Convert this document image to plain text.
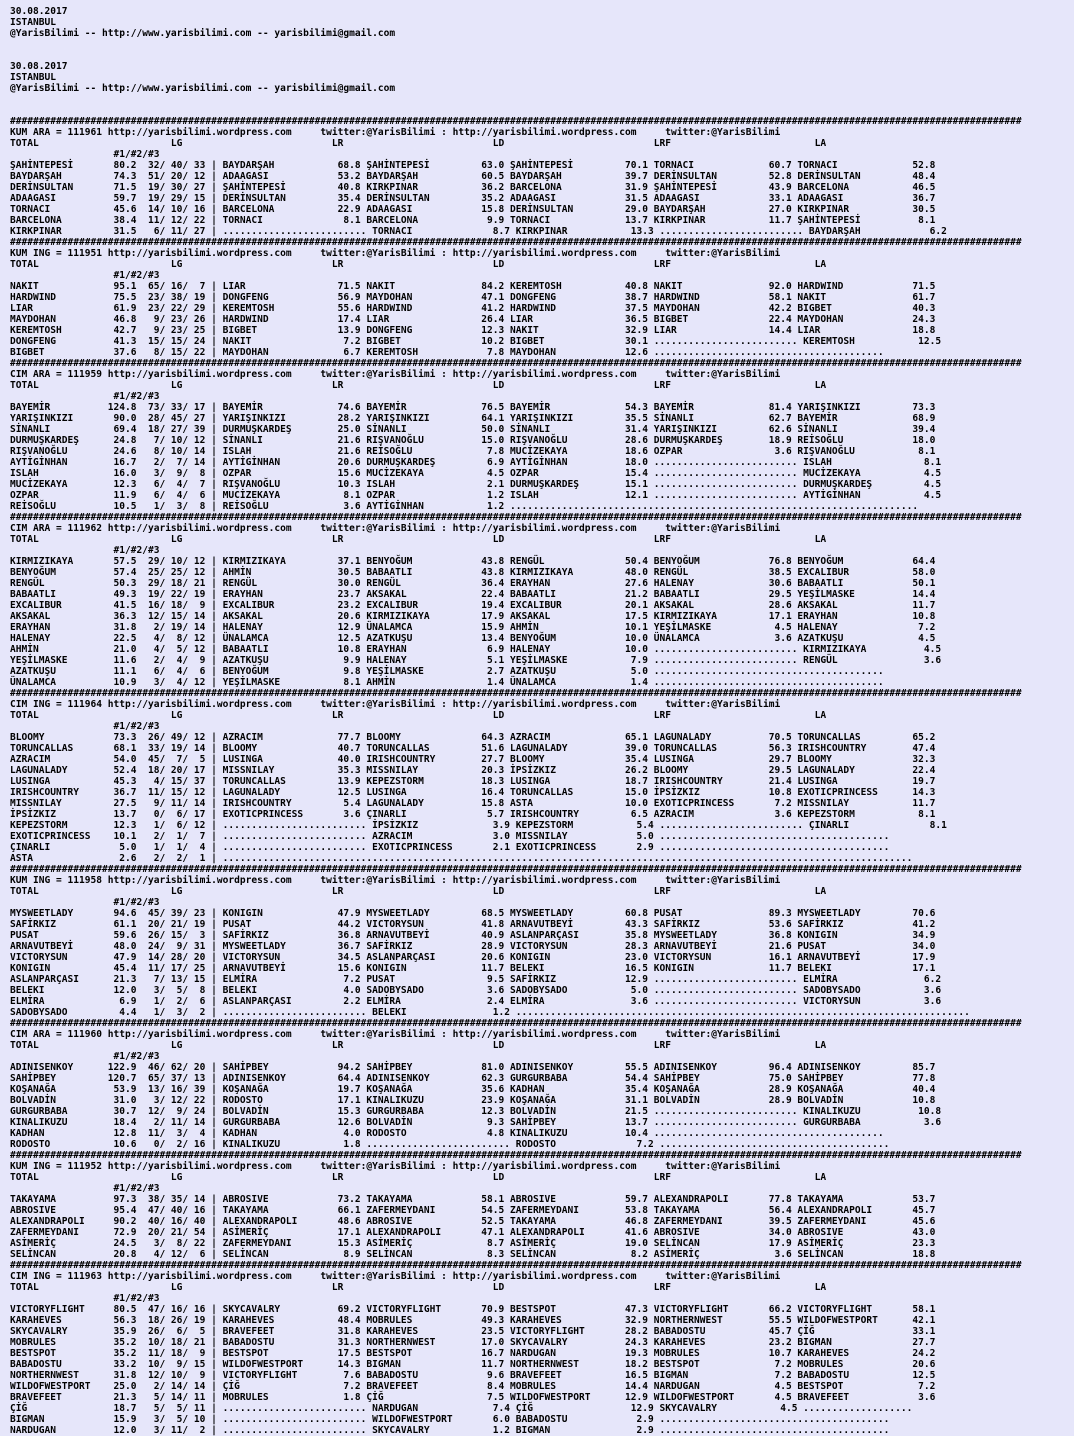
30.08.2017
ISTANBUL
@YarisBilimi -- http://www.yarisbilimi.com -- yarisbilimi@gmail.com

30.08.2017
ISTANBUL
@YarisBilimi -- http://www.yarisbilimi.com -- yarisbilimi@gmail.com

################################################################################################################################################################################
KUM ARA = 111961 http://yarisbilimi.wordpress.com     twitter:@YarisBilimi : http://yarisbilimi.wordpress.com     twitter:@YarisBilimi
TOTAL                       LG                          LR                          LD                          LRF                         LA
#1/#2/#3
ŞAHİNTEPESİ       80.2  32/ 40/ 33 | BAYDARŞAH           68.8 ŞAHİNTEPESİ         63.0 ŞAHİNTEPESİ         70.1 TORNACI             60.7 TORNACI             52.8
BAYDARŞAH         74.3  51/ 20/ 12 | ADAAGASI            53.2 BAYDARŞAH           60.5 BAYDARŞAH           39.7 DERİNSULTAN         52.8 DERİNSULTAN         48.4
DERİNSULTAN       71.5  19/ 30/ 27 | ŞAHİNTEPESİ         40.8 KIRKPINAR           36.2 BARCELONA           31.9 ŞAHİNTEPESİ         43.9 BARCELONA           46.5
ADAAGASI          59.7  19/ 29/ 15 | DERİNSULTAN         35.4 DERİNSULTAN         35.2 ADAAGASI            31.5 ADAAGASI            33.1 ADAAGASI            36.7
TORNACI           45.6  14/ 10/ 16 | BARCELONA           22.9 ADAAGASI            15.8 DERİNSULTAN         29.0 BAYDARŞAH           27.0 KIRKPINAR           30.5
BARCELONA         38.4  11/ 12/ 22 | TORNACI              8.1 BARCELONA            9.9 TORNACI             13.7 KIRKPINAR           11.7 ŞAHİNTEPESİ          8.1
KIRKPINAR         31.5   6/ 11/ 27 | ......................... TORNACI              8.7 KIRKPINAR           13.3 ......................... BAYDARŞAH            6.2
################################################################################################################################################################################
KUM ING = 111951 http://yarisbilimi.wordpress.com     twitter:@YarisBilimi : http://yarisbilimi.wordpress.com     twitter:@YarisBilimi
TOTAL                       LG                          LR                          LD                          LRF                         LA
#1/#2/#3
NAKIT             95.1  65/ 16/  7 | LIAR                71.5 NAKIT               84.2 KEREMTOSH           40.8 NAKIT               92.0 HARDWIND            71.5
HARDWIND          75.5  23/ 38/ 19 | DONGFENG            56.9 MAYDOHAN            47.1 DONGFENG            38.7 HARDWIND            58.1 NAKIT               61.7
LIAR              61.9  23/ 22/ 29 | KEREMTOSH           55.6 HARDWIND            41.2 HARDWIND            37.5 MAYDOHAN            42.2 BIGBET              40.3
MAYDOHAN          46.8   9/ 23/ 26 | HARDWIND            17.4 LIAR                26.4 LIAR                36.5 BIGBET              22.4 MAYDOHAN            24.3
KEREMTOSH         42.7   9/ 23/ 25 | BIGBET              13.9 DONGFENG            12.3 NAKIT               32.9 LIAR                14.4 LIAR                18.8
DONGFENG          41.3  15/ 15/ 24 | NAKIT                7.2 BIGBET              10.2 BIGBET              30.1 ......................... KEREMTOSH           12.5
BIGBET            37.6   8/ 15/ 22 | MAYDOHAN             6.7 KEREMTOSH            7.8 MAYDOHAN            12.6 ........................................
################################################################################################################################################################################
CIM ARA = 111959 http://yarisbilimi.wordpress.com     twitter:@YarisBilimi : http://yarisbilimi.wordpress.com     twitter:@YarisBilimi
TOTAL                       LG                          LR                          LD                          LRF                         LA
#1/#2/#3
BAYEMİR          124.8  73/ 33/ 17 | BAYEMİR             74.6 BAYEMİR             76.5 BAYEMİR             54.3 BAYEMİR             81.4 YARIŞINKIZI         73.3
YARIŞINKIZI       90.0  28/ 45/ 27 | YARIŞINKIZI         28.2 YARIŞINKIZI         64.1 YARIŞINKIZI         35.5 SİNANLI             62.7 BAYEMİR             68.9
SİNANLI           69.4  18/ 27/ 39 | DURMUŞKARDEŞ        25.0 SİNANLI             50.0 SİNANLI             31.4 YARIŞINKIZI         62.6 SİNANLI             39.4
DURMUŞKARDEŞ      24.8   7/ 10/ 12 | SİNANLI             21.6 RIŞVANOĞLU          15.0 RIŞVANOĞLU          28.6 DURMUŞKARDEŞ        18.9 REİSOĞLU            18.0
RIŞVANOĞLU        24.6   8/ 10/ 14 | ISLAH               21.6 REİSOĞLU             7.8 MUCİZEKAYA          18.6 OZPAR                3.6 RIŞVANOĞLU           8.1
AYTİGİNHAN        16.7   2/  7/ 14 | AYTİGİNHAN          20.6 DURMUŞKARDEŞ         6.9 AYTİGİNHAN          18.0 ......................... ISLAH                8.1
ISLAH             16.0   3/  9/  8 | OZPAR               15.6 MUCİZEKAYA           4.5 OZPAR               15.4 ......................... MUCİZEKAYA           4.5
MUCİZEKAYA        12.3   6/  4/  7 | RIŞVANOĞLU          10.3 ISLAH                2.1 DURMUŞKARDEŞ        15.1 ......................... DURMUŞKARDEŞ         4.5
OZPAR             11.9   6/  4/  6 | MUCİZEKAYA           8.1 OZPAR                1.2 ISLAH               12.1 ......................... AYTİGİNHAN           4.5
REİSOĞLU          10.5   1/  3/  8 | REİSOĞLU             3.6 AYTİGİNHAN           1.2 .......................................................................
################################################################################################################################################################################
CIM ARA = 111962 http://yarisbilimi.wordpress.com     twitter:@YarisBilimi : http://yarisbilimi.wordpress.com     twitter:@YarisBilimi
TOTAL                       LG                          LR                          LD                          LRF                         LA
#1/#2/#3
KIRMIZIKAYA       57.5  29/ 10/ 12 | KIRMIZIKAYA         37.1 BENYOĞUM            43.8 RENGÜL              50.4 BENYOĞUM            76.8 BENYOĞUM            64.4
BENYOĞUM          57.4  25/ 25/ 12 | AHMİN               30.5 BABAATLI            43.8 KIRMIZIKAYA         48.0 RENGÜL              38.5 EXCALIBUR           58.0
RENGÜL            50.3  29/ 18/ 21 | RENGÜL              30.0 RENGÜL              36.4 ERAYHAN             27.6 HALENAY             30.6 BABAATLI            50.1
BABAATLI          49.3  19/ 22/ 19 | ERAYHAN             23.7 AKSAKAL             22.4 BABAATLI            21.2 BABAATLI            29.5 YEŞİLMASKE          14.4
EXCALIBUR         41.5  16/ 18/  9 | EXCALIBUR           23.2 EXCALIBUR           19.4 EXCALIBUR           20.1 AKSAKAL             28.6 AKSAKAL             11.7
AKSAKAL           36.3  12/ 15/ 14 | AKSAKAL             20.6 KIRMIZIKAYA         17.9 AKSAKAL             17.5 KIRMIZIKAYA         17.1 ERAYHAN             10.8
ERAYHAN           31.8   2/ 19/ 14 | HALENAY             12.9 ÜNALAMCA            15.9 AHMİN               10.1 YEŞİLMASKE           4.5 HALENAY              7.2
HALENAY           22.5   4/  8/ 12 | ÜNALAMCA            12.5 AZATKUŞU            13.4 BENYOĞUM            10.0 ÜNALAMCA             3.6 AZATKUŞU             4.5
AHMİN             21.0   4/  5/ 12 | BABAATLI            10.8 ERAYHAN              6.9 HALENAY             10.0 ......................... KIRMIZIKAYA          4.5
YEŞİLMASKE        11.6   2/  4/  9 | AZATKUŞU             9.9 HALENAY              5.1 YEŞİLMASKE           7.9 ......................... RENGÜL               3.6
AZATKUŞU          11.1   6/  4/  6 | BENYOĞUM             9.8 YEŞİLMASKE           2.7 AZATKUŞU             5.0 ........................................
ÜNALAMCA          10.9   3/  4/ 12 | YEŞİLMASKE           8.1 AHMİN                1.4 ÜNALAMCA             1.4 ........................................
################################################################################################################################################################################
CIM ING = 111964 http://yarisbilimi.wordpress.com     twitter:@YarisBilimi : http://yarisbilimi.wordpress.com     twitter:@YarisBilimi
TOTAL                       LG                          LR                          LD                          LRF                         LA
#1/#2/#3
BLOOMY            73.3  26/ 49/ 12 | AZRACIM             77.7 BLOOMY              64.3 AZRACIM             65.1 LAGUNALADY          70.5 TORUNCALLAS         65.2
TORUNCALLAS       68.1  33/ 19/ 14 | BLOOMY              40.7 TORUNCALLAS         51.6 LAGUNALADY          39.0 TORUNCALLAS         56.3 IRISHCOUNTRY        47.4
AZRACIM           54.0  45/  7/  5 | LUSINGA             40.0 IRISHCOUNTRY        27.7 BLOOMY              35.4 LUSINGA             29.7 BLOOMY              32.3
LAGUNALADY        52.4  18/ 20/ 17 | MISSNILAY           35.3 MISSNILAY           20.3 İPSİZKIZ            26.2 BLOOMY              29.5 LAGUNALADY          22.4
LUSINGA           45.3   4/ 15/ 37 | TORUNCALLAS         13.9 KEPEZSTORM          18.3 LUSINGA             18.7 IRISHCOUNTRY        21.4 LUSINGA             19.7
IRISHCOUNTRY      36.7  11/ 15/ 12 | LAGUNALADY          12.5 LUSINGA             16.4 TORUNCALLAS         15.0 İPSİZKIZ            10.8 EXOTICPRINCESS      14.3
MISSNILAY         27.5   9/ 11/ 14 | IRISHCOUNTRY         5.4 LAGUNALADY          15.8 ASTA                10.0 EXOTICPRINCESS       7.2 MISSNILAY           11.7
İPSİZKIZ          13.7   0/  6/ 17 | EXOTICPRINCESS       3.6 ÇINARLI              5.7 IRISHCOUNTRY         6.5 AZRACIM              3.6 KEPEZSTORM           8.1
KEPEZSTORM        12.3   1/  6/ 12 | ......................... İPSİZKIZ             3.9 KEPEZSTORM           5.4 ......................... ÇINARLI              8.1
EXOTICPRINCESS    10.1   2/  1/  7 | ......................... AZRACIM              3.0 MISSNILAY            5.0 ........................................
ÇINARLI            5.0   1/  1/  4 | ......................... EXOTICPRINCESS       2.1 EXOTICPRINCESS       2.9 ........................................
ASTA               2.6   2/  2/  1 | ........................................................................................................................
################################################################################################################################################################################
KUM ING = 111958 http://yarisbilimi.wordpress.com     twitter:@YarisBilimi : http://yarisbilimi.wordpress.com     twitter:@YarisBilimi
TOTAL                       LG                          LR                          LD                          LRF                         LA
#1/#2/#3
MYSWEETLADY       94.6  45/ 39/ 23 | KONIGIN             47.9 MYSWEETLADY         68.5 MYSWEETLADY         60.8 PUSAT               89.3 MYSWEETLADY         70.6
SAFİRKIZ          61.1  20/ 21/ 19 | PUSAT               44.2 VICTORYSUN          41.8 ARNAVUTBEYİ         43.3 SAFİRKIZ            53.6 SAFİRKIZ            41.2
PUSAT             59.6  26/ 15/  3 | SAFİRKIZ            36.8 ARNAVUTBEYİ         40.9 ASLANPARÇASI        35.8 MYSWEETLADY         36.8 KONIGIN             34.9
ARNAVUTBEYİ       48.0  24/  9/ 31 | MYSWEETLADY         36.7 SAFİRKIZ            28.9 VICTORYSUN          28.3 ARNAVUTBEYİ         21.6 PUSAT               34.0
VICTORYSUN        47.9  14/ 28/ 20 | VICTORYSUN          34.5 ASLANPARÇASI        20.6 KONIGIN             23.0 VICTORYSUN          16.1 ARNAVUTBEYİ         17.9
KONIGIN           45.4  11/ 17/ 25 | ARNAVUTBEYİ         15.6 KONIGIN             11.7 BELEKI              16.5 KONIGIN             11.7 BELEKI              17.1
ASLANPARÇASI      21.3   7/ 13/ 15 | ELMİRA               7.2 PUSAT                9.5 SAFİRKIZ            12.9 ......................... ELMİRA               6.2
BELEKI            12.0   3/  5/  8 | BELEKI               4.0 SADOBYSADO           3.6 SADOBYSADO           5.0 ......................... SADOBYSADO           3.6
ELMİRA             6.9   1/  2/  6 | ASLANPARÇASI         2.2 ELMİRA               2.4 ELMİRA               3.6 ......................... VICTORYSUN           3.6
SADOBYSADO         4.4   1/  3/  2 | ......................... BELEKI               1.2 ...............................................................................
################################################################################################################################################################################
CIM ARA = 111960 http://yarisbilimi.wordpress.com     twitter:@YarisBilimi : http://yarisbilimi.wordpress.com     twitter:@YarisBilimi
TOTAL                       LG                          LR                          LD                          LRF                         LA
#1/#2/#3
ADINISENKOY      122.9  46/ 62/ 20 | SAHİPBEY            94.2 SAHİPBEY            81.0 ADINISENKOY         55.5 ADINISENKOY         96.4 ADINISENKOY         85.7
SAHİPBEY         120.7  65/ 37/ 13 | ADINISENKOY         64.4 ADINISENKOY         62.3 GURGURBABA          54.4 SAHİPBEY            75.0 SAHİPBEY            77.8
KOŞANAĞA          53.9  13/ 16/ 39 | KOŞANAĞA            19.7 KOŞANAĞA            35.6 KADHAN              35.4 KOŞANAĞA            28.9 KOŞANAĞA            40.4
BOLVADİN          31.0   3/ 12/ 22 | RODOSTO             17.1 KINALIKUZU          23.9 KOŞANAĞA            31.1 BOLVADİN            28.9 BOLVADİN            10.8
GURGURBABA        30.7  12/  9/ 24 | BOLVADİN            15.3 GURGURBABA          12.3 BOLVADİN            21.5 ......................... KINALIKUZU          10.8
KINALIKUZU        18.4   2/ 11/ 14 | GURGURBABA          12.6 BOLVADİN             9.3 SAHİPBEY            13.7 ......................... GURGURBABA           3.6
KADHAN            12.8  11/  3/  4 | KADHAN               4.0 RODOSTO              4.8 KINALIKUZU          10.4 ........................................
RODOSTO           10.6   0/  2/ 16 | KINALIKUZU           1.8 ......................... RODOSTO              7.2 ........................................
################################################################################################################################################################################
KUM ING = 111952 http://yarisbilimi.wordpress.com     twitter:@YarisBilimi : http://yarisbilimi.wordpress.com     twitter:@YarisBilimi
TOTAL                       LG                          LR                          LD                          LRF                         LA
#1/#2/#3
TAKAYAMA          97.3  38/ 35/ 14 | ABROSIVE            73.2 TAKAYAMA            58.1 ABROSIVE            59.7 ALEXANDRAPOLI       77.8 TAKAYAMA            53.7
ABROSIVE          95.4  47/ 40/ 16 | TAKAYAMA            66.1 ZAFERMEYDANI        54.5 ZAFERMEYDANI        53.8 TAKAYAMA            56.4 ALEXANDRAPOLI       45.7
ALEXANDRAPOLI     90.2  40/ 16/ 40 | ALEXANDRAPOLI       48.6 ABROSIVE            52.5 TAKAYAMA            46.8 ZAFERMEYDANI        39.5 ZAFERMEYDANI        45.6
ZAFERMEYDANI      72.9  20/ 21/ 54 | ASİMERİÇ            17.1 ALEXANDRAPOLI       47.1 ALEXANDRAPOLI       41.6 ABROSIVE            34.0 ABROSIVE            43.0
ASİMERİÇ          24.5   3/  8/ 22 | ZAFERMEYDANI        15.3 ASİMERİÇ             8.7 ASİMERİÇ            19.0 SELİNCAN            17.9 ASİMERİÇ            23.3
SELİNCAN          20.8   4/ 12/  6 | SELİNCAN             8.9 SELİNCAN             8.3 SELİNCAN             8.2 ASİMERİÇ             3.6 SELİNCAN            18.8
################################################################################################################################################################################
CIM ING = 111963 http://yarisbilimi.wordpress.com     twitter:@YarisBilimi : http://yarisbilimi.wordpress.com     twitter:@YarisBilimi
TOTAL                       LG                          LR                          LD                          LRF                         LA
#1/#2/#3
VICTORYFLIGHT     80.5  47/ 16/ 16 | SKYCAVALRY          69.2 VICTORYFLIGHT       70.9 BESTSPOT            47.3 VICTORYFLIGHT       66.2 VICTORYFLIGHT       58.1
KARAHEVES         56.3  18/ 26/ 19 | KARAHEVES           48.4 MOBRULES            49.3 KARAHEVES           32.9 NORTHERNWEST        55.5 WILDOFWESTPORT      42.1
SKYCAVALRY        35.9  26/  6/  5 | BRAVEFEET           31.8 KARAHEVES           23.5 VICTORYFLIGHT       28.2 BABADOSTU           45.7 ÇİĞ                 33.1
MOBRULES          35.2  10/ 18/ 21 | BABADOSTU           31.3 NORTHERNWEST        17.0 SKYCAVALRY          24.3 KARAHEVES           23.2 BIGMAN              27.7
BESTSPOT          35.2  11/ 18/  9 | BESTSPOT            17.5 BESTSPOT            16.7 NARDUGAN            19.3 MOBRULES            10.7 KARAHEVES           24.2
BABADOSTU         33.2  10/  9/ 15 | WILDOFWESTPORT      14.3 BIGMAN              11.7 NORTHERNWEST        18.2 BESTSPOT             7.2 MOBRULES            20.6
NORTHERNWEST      31.8  12/ 10/  9 | VICTORYFLIGHT        7.6 BABADOSTU            9.6 BRAVEFEET           16.5 BIGMAN               7.2 BABADOSTU           12.5
WILDOFWESTPORT    25.0   2/ 14/ 14 | ÇİĞ                  7.2 BRAVEFEET            8.4 MOBRULES            14.4 NARDUGAN             4.5 BESTSPOT             7.2
BRAVEFEET         21.3   5/ 14/ 11 | MOBRULES             1.8 ÇİĞ                  7.5 WILDOFWESTPORT      12.9 WILDOFWESTPORT       4.5 BRAVEFEET            3.6
ÇİĞ               18.7   5/  5/ 11 | ......................... NARDUGAN             7.4 ÇİĞ                 12.9 SKYCAVALRY           4.5 ...................
BIGMAN            15.9   3/  5/ 10 | ......................... WILDOFWESTPORT       6.0 BABADOSTU            2.9 ........................................
NARDUGAN          12.0   3/ 11/  2 | ......................... SKYCAVALRY           1.2 BIGMAN               2.9 ........................................
